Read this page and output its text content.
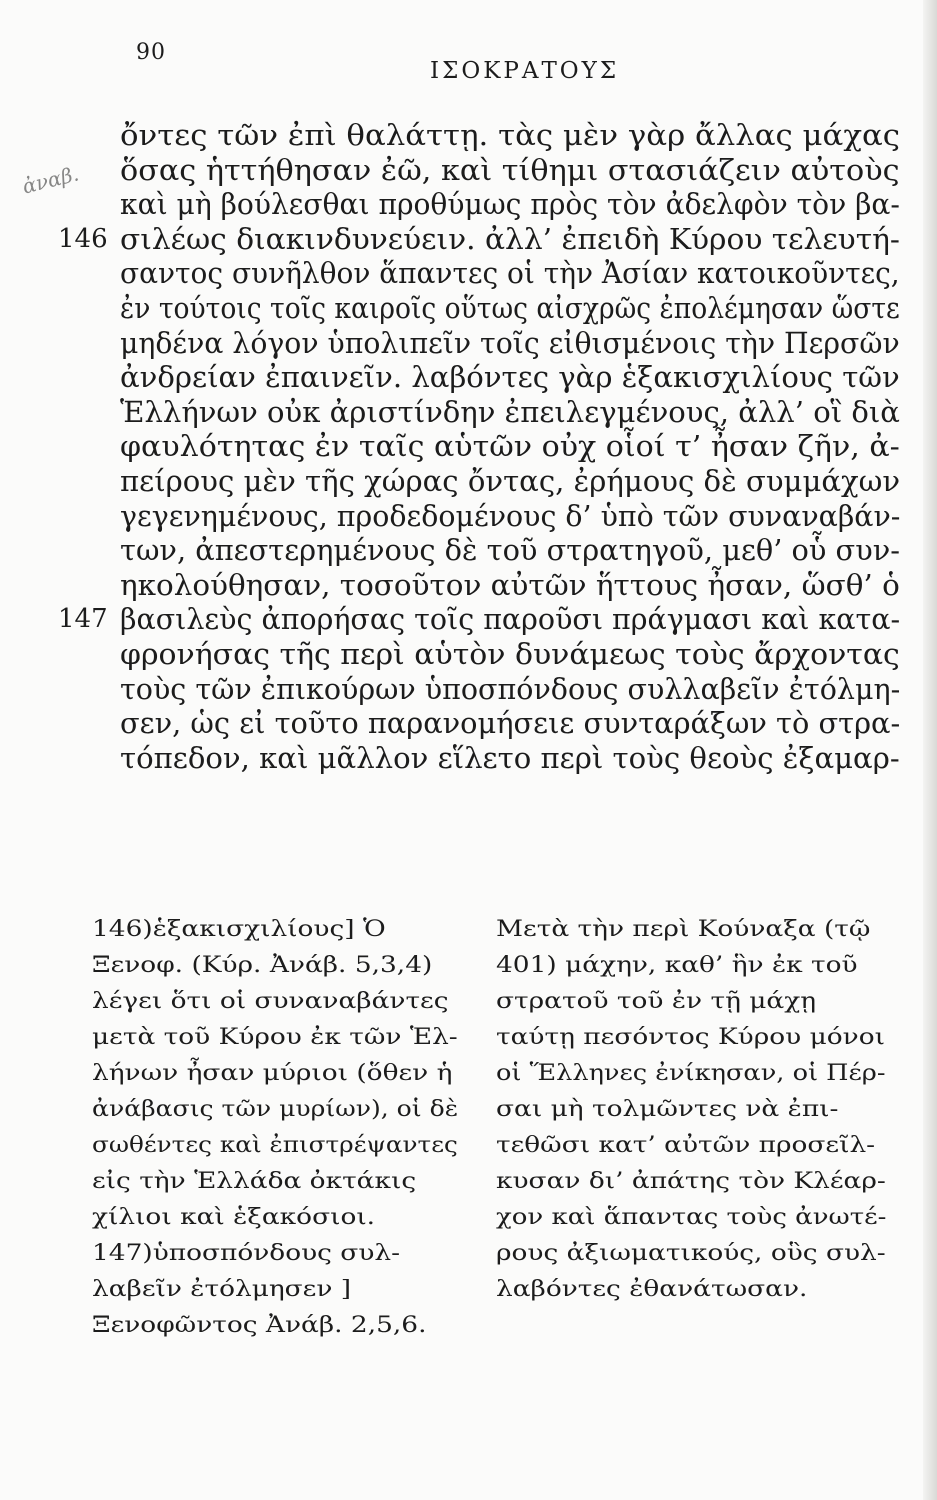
90
ΙΣΟΚΡΑΤΟΥΣ
ἀναβ.
ὄντες τῶν ἐπὶ θαλάττῃ. τὰς μὲν γὰρ ἄλλας μάχας
ὅσας ἡττήθησαν ἐῶ, καὶ τίθημι στασιάζειν αὐτοὺς
καὶ μὴ βούλεσθαι προθύμως πρὸς τὸν ἀδελφὸν τὸν βα-
146 σιλέως διακινδυνεύειν. ἀλλ’ ἐπειδὴ Κύρου τελευτή-
σαντος συνῆλθον ἅπαντες οἱ τὴν Ἀσίαν κατοικοῦντες,
ἐν τούτοις τοῖς καιροῖς οὕτως αἰσχρῶς ἐπολέμησαν ὥστε
μηδένα λόγον ὑπολιπεῖν τοῖς εἰθισμένοις τὴν Περσῶν
ἀνδρείαν ἐπαινεῖν. λαβόντες γὰρ ἑξακισχιλίους τῶν
Ἑλλήνων οὐκ ἀριστίνδην ἐπειλεγμένους, ἀλλ’ οἳ διὰ
φαυλότητας ἐν ταῖς αὑτῶν οὐχ οἷοί τ’ ἦσαν ζῆν, ἀ-
πείρους μὲν τῆς χώρας ὄντας, ἐρήμους δὲ συμμάχων
γεγενημένους, προδεδομένους δ’ ὑπὸ τῶν συναναβάν-
των, ἀπεστερημένους δὲ τοῦ στρατηγοῦ, μεθ’ οὗ συν-
ηκολούθησαν, τοσοῦτον αὐτῶν ἥττους ἦσαν, ὥσθ’ ὁ
147 βασιλεὺς ἀπορήσας τοῖς παροῦσι πράγμασι καὶ κατα-
φρονήσας τῆς περὶ αὑτὸν δυνάμεως τοὺς ἄρχοντας
τοὺς τῶν ἐπικούρων ὑποσπόνδους συλλαβεῖν ἐτόλμη-
σεν, ὡς εἰ τοῦτο παρανομήσειε συνταράξων τὸ στρα-
τόπεδον, καὶ μᾶλλον εἵλετο περὶ τοὺς θεοὺς ἐξαμαρ-
146)ἑξακισχιλίους] Ὁ
Ξενοφ. (Κύρ. Ἀνάβ. 5,3,4)
λέγει ὅτι οἱ συναναβάντες
μετὰ τοῦ Κύρου ἐκ τῶν Ἑλ-
λήνων ἦσαν μύριοι (ὅθεν ἡ
ἀνάβασις τῶν μυρίων), οἱ δὲ
σωθέντες καὶ ἐπιστρέψαντες
εἰς τὴν Ἑλλάδα ὀκτάκις
χίλιοι καὶ ἑξακόσιοι.
147)ὑποσπόνδους συλ-
λαβεῖν ἐτόλμησεν ]
Ξενοφῶντος Ἀνάβ. 2,5,6.
Μετὰ τὴν περὶ Κούναξα (τῷ
401) μάχην, καθ’ ἣν ἐκ τοῦ
στρατοῦ τοῦ ἐν τῇ μάχῃ
ταύτῃ πεσόντος Κύρου μόνοι
οἱ Ἕλληνες ἐνίκησαν, οἱ Πέρ-
σαι μὴ τολμῶντες νὰ ἐπι-
τεθῶσι κατ’ αὐτῶν προσεῖλ-
κυσαν δι’ ἀπάτης τὸν Κλέαρ-
χον καὶ ἅπαντας τοὺς ἀνωτέ-
ρους ἀξιωματικούς, οὓς συλ-
λαβόντες ἐθανάτωσαν.
